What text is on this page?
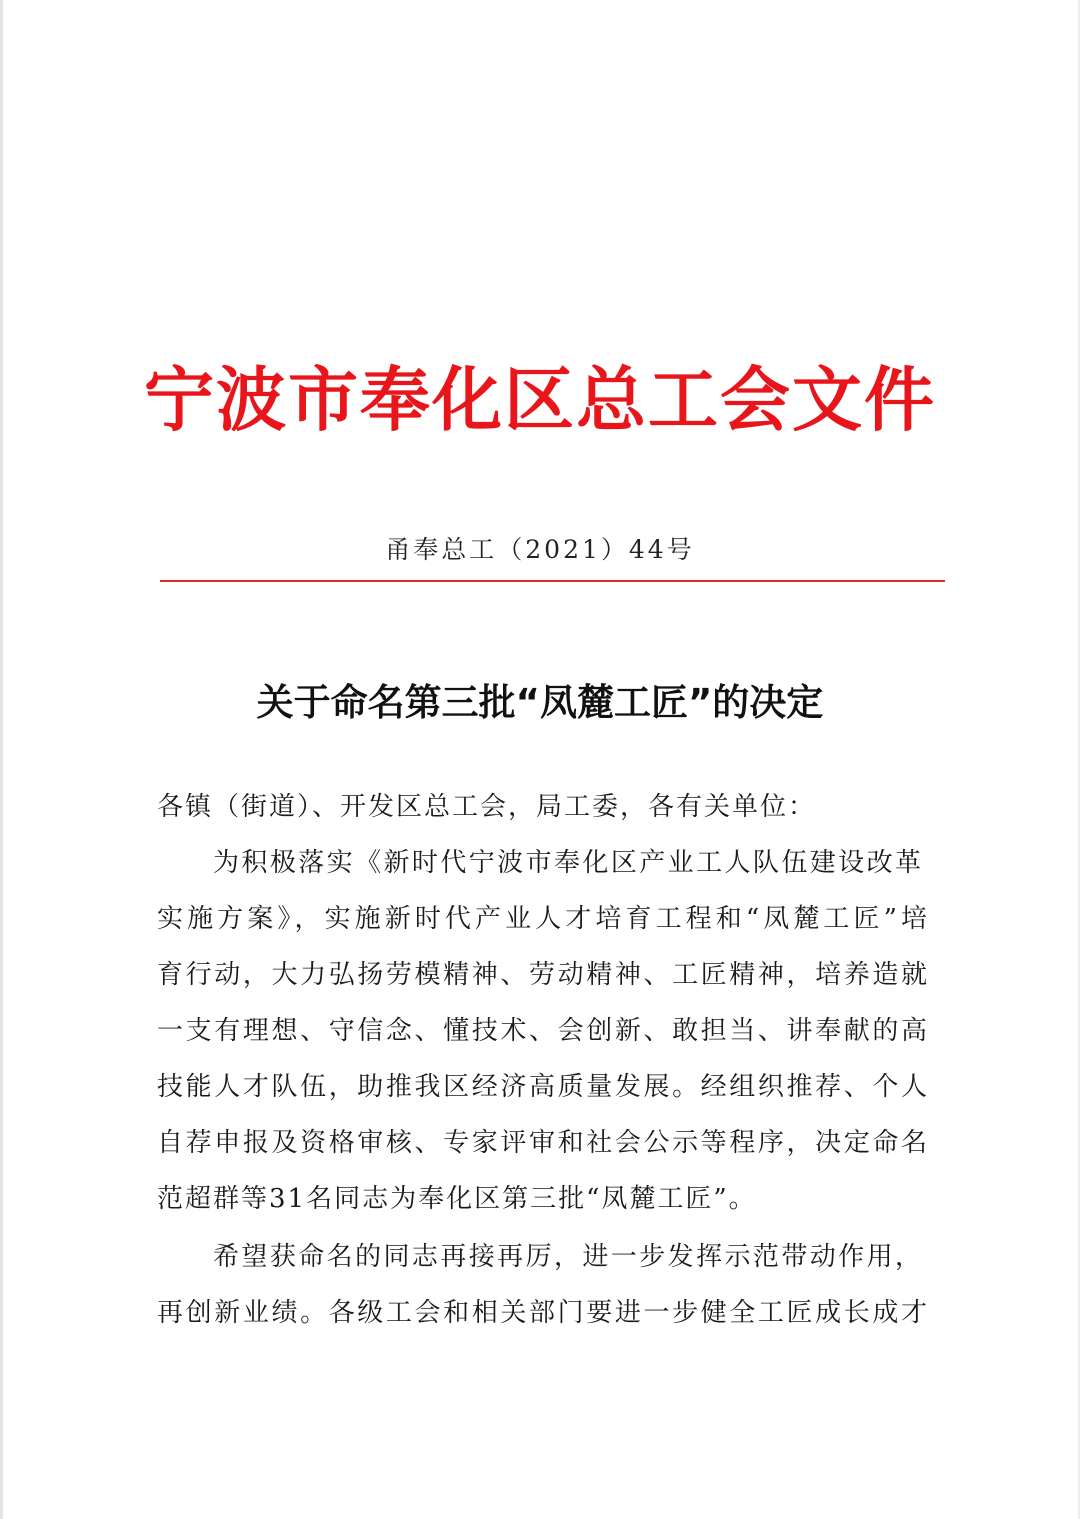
宁波市奉化区总工会文件
甬奉总工（2021）44号
关于命名第三批“凤麓工匠”的决定
各镇（街道）、开发区总工会，局工委，各有关单位：
为积极落实《新时代宁波市奉化区产业工人队伍建设改革
实施方案》，实施新时代产业人才培育工程和“凤麓工匠”培
育行动，大力弘扬劳模精神、劳动精神、工匠精神，培养造就
一支有理想、守信念、懂技术、会创新、敢担当、讲奉献的高
技能人才队伍，助推我区经济高质量发展。经组织推荐、个人
自荐申报及资格审核、专家评审和社会公示等程序，决定命名
范超群等31名同志为奉化区第三批“凤麓工匠”。
希望获命名的同志再接再厉，进一步发挥示范带动作用，
再创新业绩。各级工会和相关部门要进一步健全工匠成长成才
